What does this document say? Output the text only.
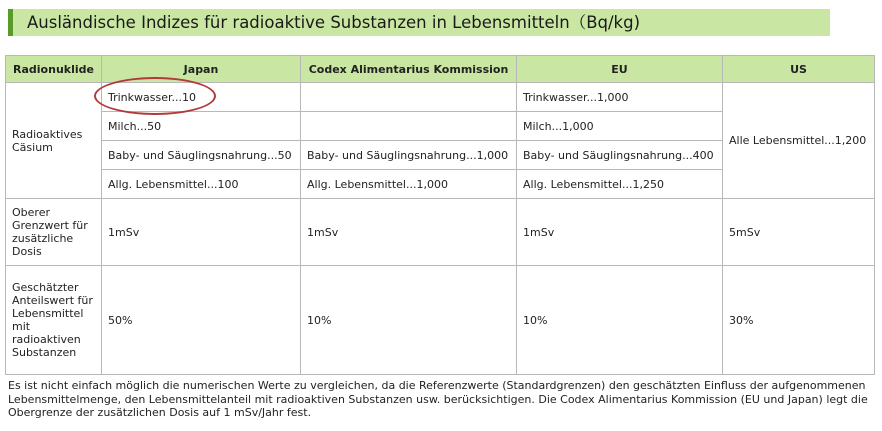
Ausländische Indizes für radioaktive Substanzen in Lebensmitteln（Bq/kg)
Radionuklide	Japan	Codex Alimentarius Kommission	EU	US
Radioaktives Cäsium	Trinkwasser...10		Trinkwasser...1,000	Alle Lebensmittel...1,200
	Milch...50		Milch...1,000	
	Baby- und Säuglingsnahrung...50	Baby- und Säuglingsnahrung...1,000	Baby- und Säuglingsnahrung...400	
	Allg. Lebensmittel...100	Allg. Lebensmittel...1,000	Allg. Lebensmittel...1,250	
Oberer Grenzwert für zusätzliche Dosis	1mSv	1mSv	1mSv	5mSv
Geschätzter Anteilswert für Lebensmittel mit radioaktiven Substanzen	50%	10%	10%	30%
Es ist nicht einfach möglich die numerischen Werte zu vergleichen, da die Referenzwerte (Standardgrenzen) den geschätzten Einfluss der aufgenommenen Lebensmittelmenge, den Lebensmittelanteil mit radioaktiven Substanzen usw. berücksichtigen. Die Codex Alimentarius Kommission (EU und Japan) legt die Obergrenze der zusätzlichen Dosis auf 1 mSv/Jahr fest.
